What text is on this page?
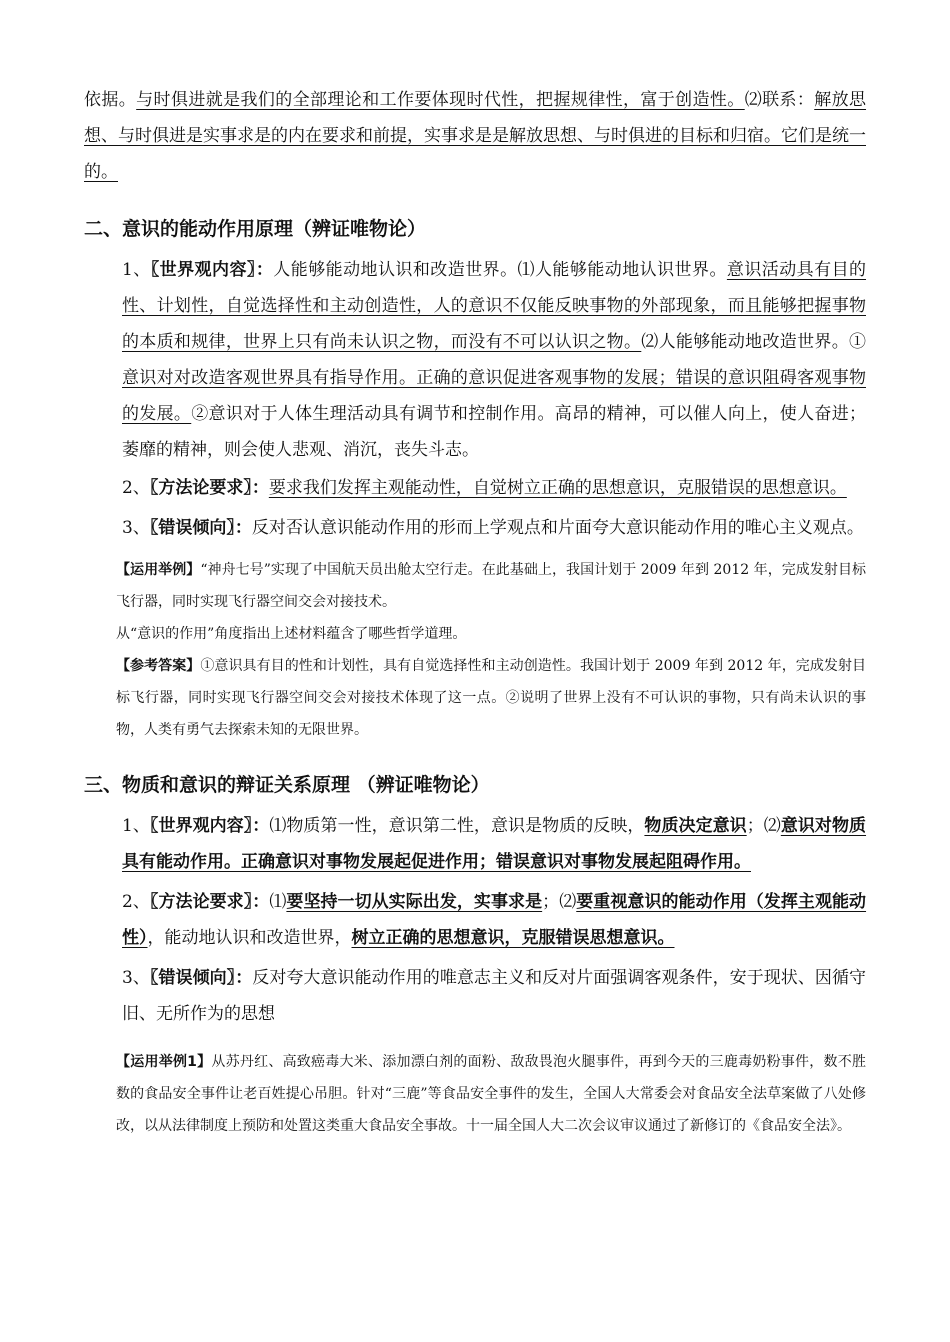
依据。与时俱进就是我们的全部理论和工作要体现时代性，把握规律性，富于创造性。⑵联系：解放思想、与时俱进是实事求是的内在要求和前提，实事求是是解放思想、与时俱进的目标和归宿。它们是统一的。

二、意识的能动作用原理（辨证唯物论）

1、〖世界观内容〗：人能够能动地认识和改造世界。⑴人能够能动地认识世界。意识活动具有目的性、计划性，自觉选择性和主动创造性，人的意识不仅能反映事物的外部现象，而且能够把握事物的本质和规律，世界上只有尚未认识之物，而没有不可以认识之物。⑵人能够能动地改造世界。①意识对对改造客观世界具有指导作用。正确的意识促进客观事物的发展；错误的意识阻碍客观事物的发展。②意识对于人体生理活动具有调节和控制作用。高昂的精神，可以催人向上，使人奋进；萎靡的精神，则会使人悲观、消沉，丧失斗志。

2、〖方法论要求〗：要求我们发挥主观能动性，自觉树立正确的思想意识，克服错误的思想意识。

3、〖错误倾向〗：反对否认意识能动作用的形而上学观点和片面夸大意识能动作用的唯心主义观点。

【运用举例】“神舟七号”实现了中国航天员出舱太空行走。在此基础上，我国计划于 2009 年到 2012 年，完成发射目标飞行器，同时实现飞行器空间交会对接技术。

从“意识的作用”角度指出上述材料蕴含了哪些哲学道理。

【参考答案】①意识具有目的性和计划性，具有自觉选择性和主动创造性。我国计划于 2009 年到 2012 年，完成发射目标飞行器，同时实现飞行器空间交会对接技术体现了这一点。②说明了世界上没有不可认识的事物，只有尚未认识的事物，人类有勇气去探索未知的无限世界。

三、物质和意识的辩证关系原理 （辨证唯物论）

1、〖世界观内容〗：⑴物质第一性，意识第二性，意识是物质的反映，物质决定意识；⑵意识对物质具有能动作用。正确意识对事物发展起促进作用；错误意识对事物发展起阻碍作用。

2、〖方法论要求〗：⑴要坚持一切从实际出发，实事求是；⑵要重视意识的能动作用（发挥主观能动性），能动地认识和改造世界，树立正确的思想意识，克服错误思想意识。

3、〖错误倾向〗：反对夸大意识能动作用的唯意志主义和反对片面强调客观条件，安于现状、因循守旧、无所作为的思想

【运用举例1】从苏丹红、高致癌毒大米、添加漂白剂的面粉、敌敌畏泡火腿事件，再到今天的三鹿毒奶粉事件，数不胜数的食品安全事件让老百姓提心吊胆。针对“三鹿”等食品安全事件的发生，全国人大常委会对食品安全法草案做了八处修改，以从法律制度上预防和处置这类重大食品安全事故。十一届全国人大二次会议审议通过了新修订的《食品安全法》。
